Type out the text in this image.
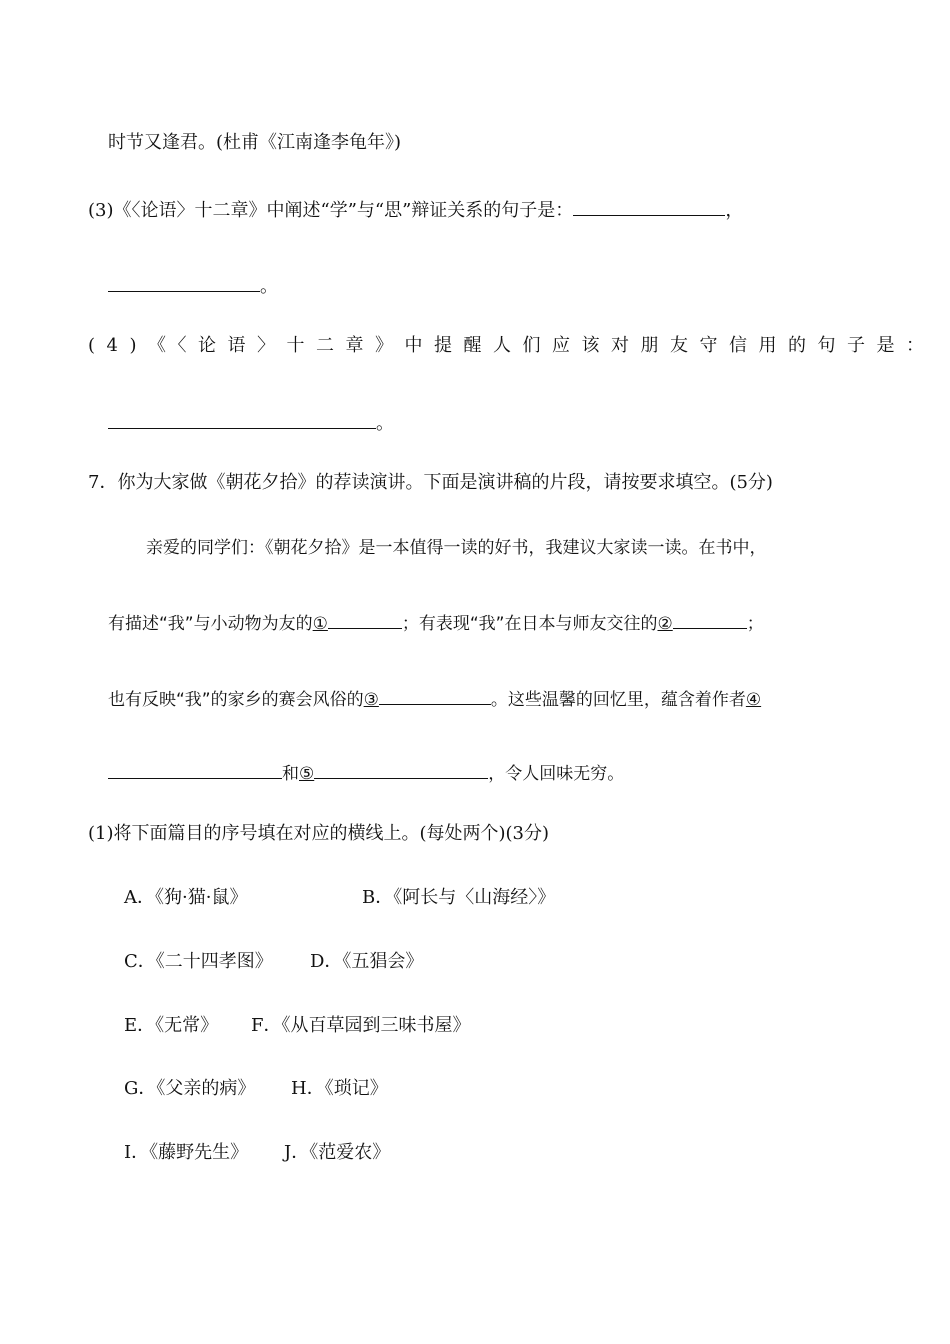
时节又逢君。(杜甫《江南逢李龟年》)
(3)《〈论语〉十二章》中阐述“学”与“思”辩证关系的句子是：	，
。
(4)《〈论语〉十二章》中提醒人们应该对朋友守信用的句子是：
。
7．你为大家做《朝花夕拾》的荐读演讲。下面是演讲稿的片段，请按要求填空。(5分)
亲爱的同学们：《朝花夕拾》是一本值得一读的好书，我建议大家读一读。在书中，
有描述“我”与小动物为友的①	；有表现“我”在日本与师友交往的②	；
也有反映“我”的家乡的赛会风俗的③	。这些温馨的回忆里，蕴含着作者④
和⑤	，令人回味无穷。
(1)将下面篇目的序号填在对应的横线上。(每处两个)(3分)
A．《狗·猫·鼠》	B．《阿长与〈山海经〉》
C．《二十四孝图》 D．《五猖会》
E．《无常》 F．《从百草园到三味书屋》
G．《父亲的病》 H．《琐记》
I．《藤野先生》 J．《范爱农》
